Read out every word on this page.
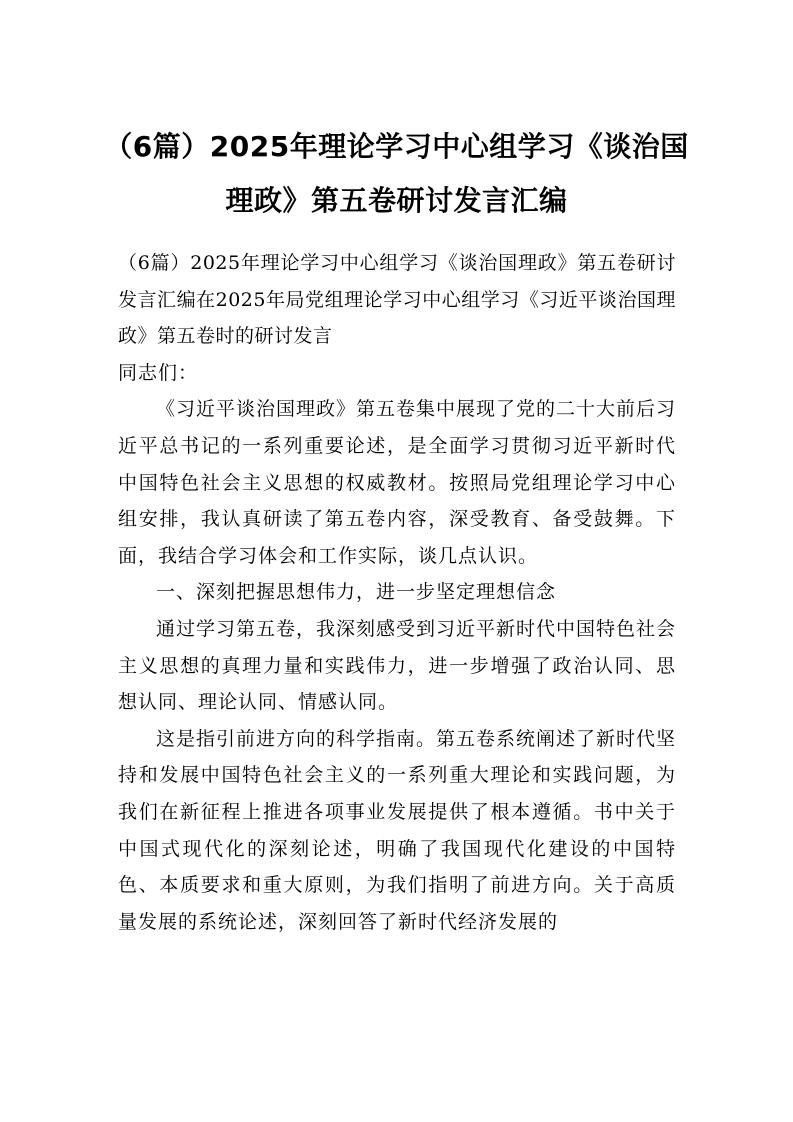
（6篇）2025年理论学习中心组学习《谈治国理政》第五卷研讨发言汇编

（6篇）2025年理论学习中心组学习《谈治国理政》第五卷研讨发言汇编在2025年局党组理论学习中心组学习《习近平谈治国理政》第五卷时的研讨发言

同志们：

《习近平谈治国理政》第五卷集中展现了党的二十大前后习近平总书记的一系列重要论述，是全面学习贯彻习近平新时代中国特色社会主义思想的权威教材。按照局党组理论学习中心组安排，我认真研读了第五卷内容，深受教育、备受鼓舞。下面，我结合学习体会和工作实际，谈几点认识。

一、深刻把握思想伟力，进一步坚定理想信念

通过学习第五卷，我深刻感受到习近平新时代中国特色社会主义思想的真理力量和实践伟力，进一步增强了政治认同、思想认同、理论认同、情感认同。

这是指引前进方向的科学指南。第五卷系统阐述了新时代坚持和发展中国特色社会主义的一系列重大理论和实践问题，为我们在新征程上推进各项事业发展提供了根本遵循。书中关于中国式现代化的深刻论述，明确了我国现代化建设的中国特色、本质要求和重大原则，为我们指明了前进方向。关于高质量发展的系统论述，深刻回答了新时代经济发展的
